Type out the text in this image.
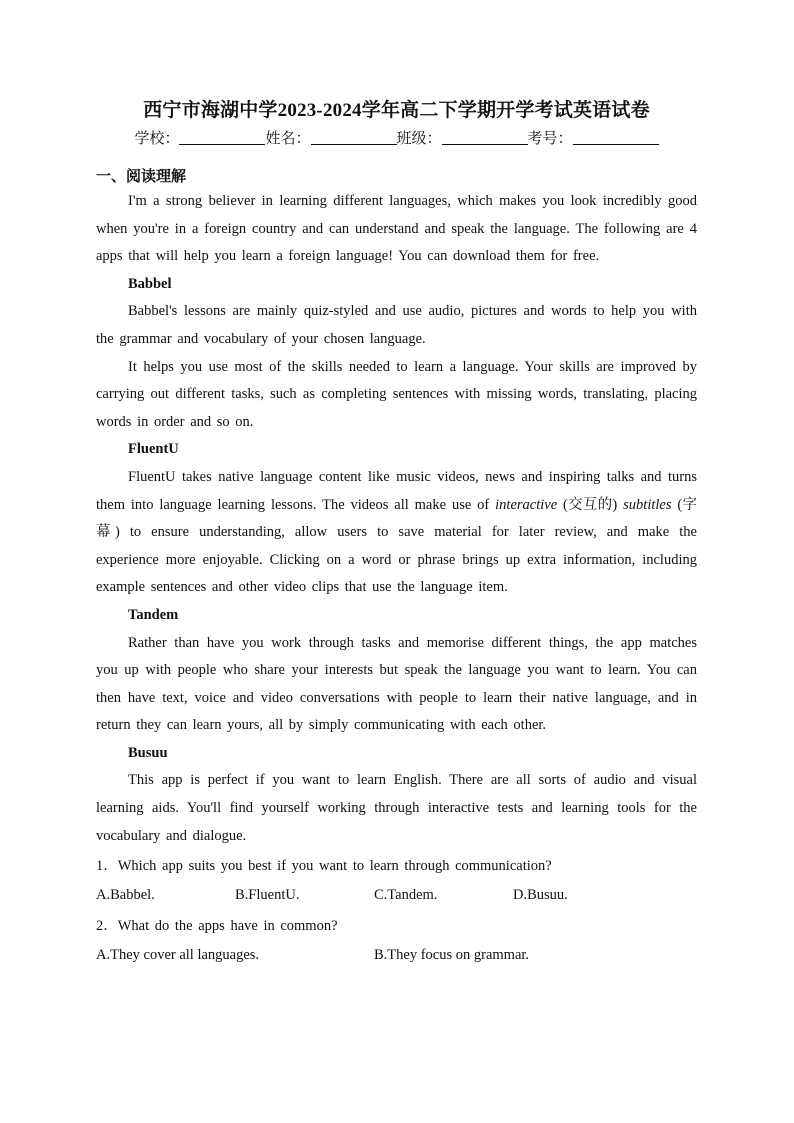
西宁市海湖中学2023-2024学年高二下学期开学考试英语试卷
学校：	姓名：	班级：	考号：
一、阅读理解

I'm a strong believer in learning different languages, which makes you look incredibly good when you're in a foreign country and can understand and speak the language. The following are 4 apps that will help you learn a foreign language! You can download them for free.

Babbel

Babbel's lessons are mainly quiz-styled and use audio, pictures and words to help you with the grammar and vocabulary of your chosen language.

It helps you use most of the skills needed to learn a language. Your skills are improved by carrying out different tasks, such as completing sentences with missing words, translating, placing words in order and so on.

FluentU

FluentU takes native language content like music videos, news and inspiring talks and turns them into language learning lessons. The videos all make use of interactive (交互的) subtitles (字幕) to ensure understanding, allow users to save material for later review, and make the experience more enjoyable. Clicking on a word or phrase brings up extra information, including example sentences and other video clips that use the language item.

Tandem

Rather than have you work through tasks and memorise different things, the app matches you up with people who share your interests but speak the language you want to learn. You can then have text, voice and video conversations with people to learn their native language, and in return they can learn yours, all by simply communicating with each other.

Busuu

This app is perfect if you want to learn English. There are all sorts of audio and visual learning aids. You'll find yourself working through interactive tests and learning tools for the vocabulary and dialogue.

1．Which app suits you best if you want to learn through communication?

A.Babbel.	B.FluentU.	C.Tandem.	D.Busuu.

2．What do the apps have in common?

A.They cover all languages.	B.They focus on grammar.
